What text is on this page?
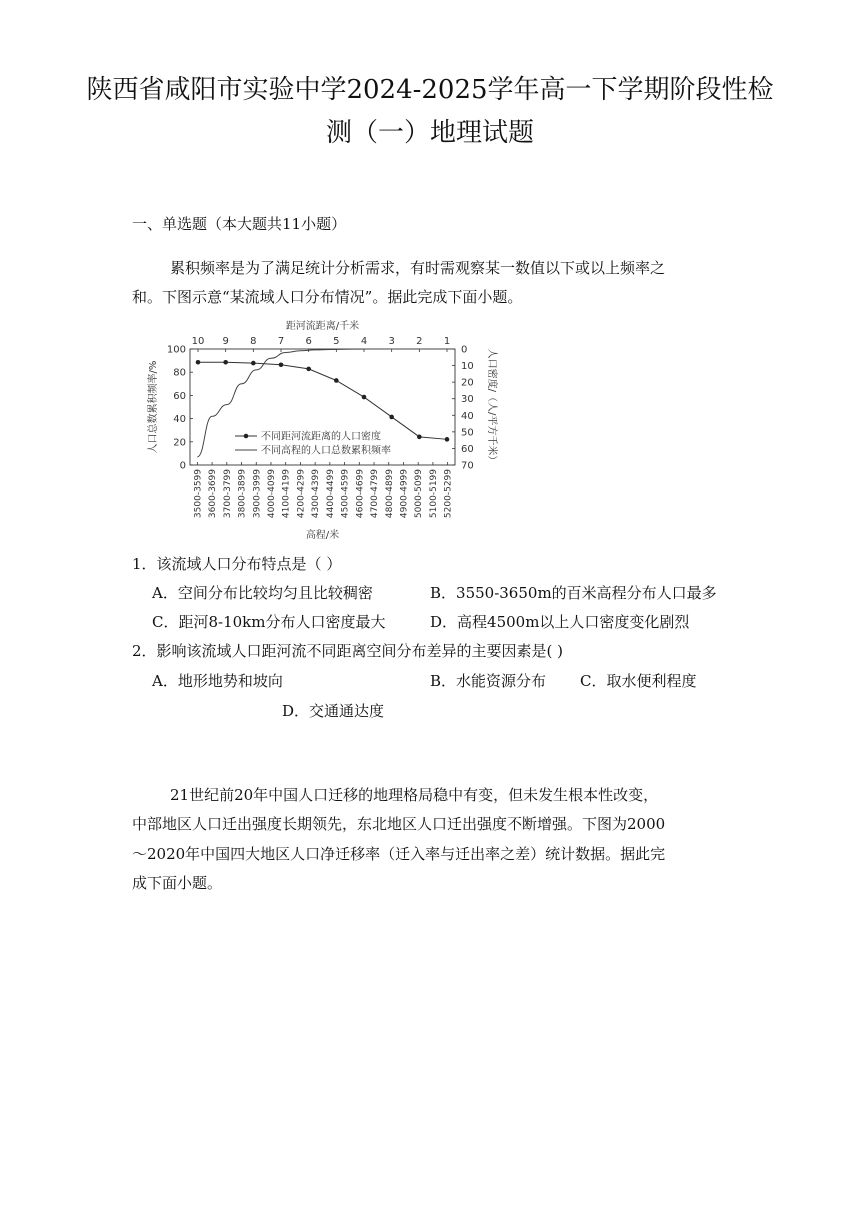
陕西省咸阳市实验中学2024-2025学年高一下学期阶段性检
测（一）地理试题
一、单选题（本大题共11小题）
累积频率是为了满足统计分析需求，有时需观察某一数值以下或以上频率之
和。下图示意“某流域人口分布情况”。据此完成下面小题。
距河流距离/千米
10 9 8 7 6 5 4 3 2 1
0
20
40
60
80
100
人口总数累积频率/%
0
10
20
30
40
50
60
70
人口密度/（人/平方千米）
3500-3599 3600-3699 3700-3799 3800-3899 3900-3999 4000-4099 4100-4199 4200-4299 4300-4399 4400-4499 4500-4599 4600-4699 4700-4799 4800-4899 4900-4999 5000-5099 5100-5199 5200-5299
高程/米
不同距河流距离的人口密度
不同高程的人口总数累积频率
1．该流域人口分布特点是（ ）
A．空间分布比较均匀且比较稠密	B．3550-3650m的百米高程分布人口最多
C．距河8-10km分布人口密度最大	D．高程4500m以上人口密度变化剧烈
2．影响该流域人口距河流不同距离空间分布差异的主要因素是( )
A．地形地势和坡向	B．水能资源分布 C．取水便利程度
D．交通通达度
21世纪前20年中国人口迁移的地理格局稳中有变，但未发生根本性改变，
中部地区人口迁出强度长期领先，东北地区人口迁出强度不断增强。下图为2000
～2020年中国四大地区人口净迁移率（迁入率与迁出率之差）统计数据。据此完
成下面小题。
